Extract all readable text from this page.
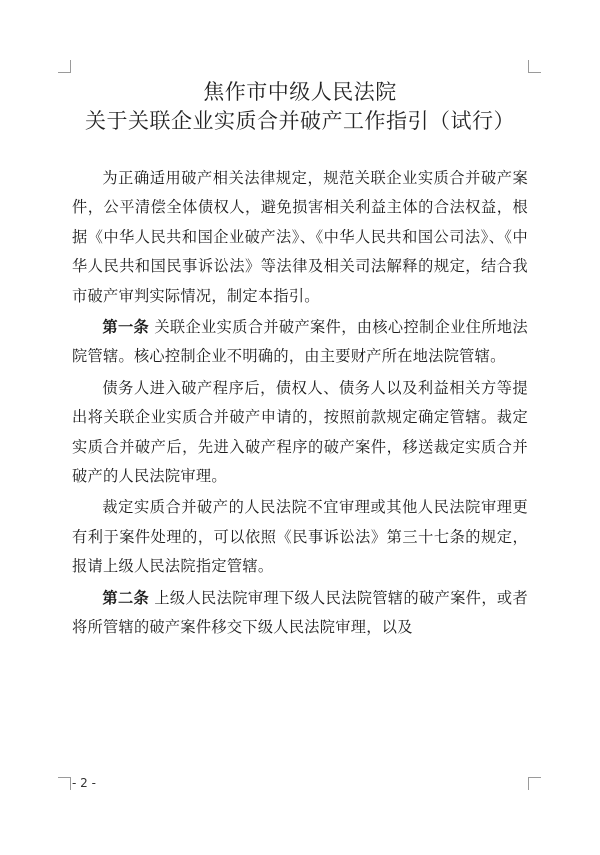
焦作市中级人民法院
关于关联企业实质合并破产工作指引（试行）

为正确适用破产相关法律规定，规范关联企业实质合并破产案件，公平清偿全体债权人，避免损害相关利益主体的合法权益，根据《中华人民共和国企业破产法》、《中华人民共和国公司法》、《中华人民共和国民事诉讼法》等法律及相关司法解释的规定，结合我市破产审判实际情况，制定本指引。

第一条 关联企业实质合并破产案件，由核心控制企业住所地法院管辖。核心控制企业不明确的，由主要财产所在地法院管辖。

债务人进入破产程序后，债权人、债务人以及利益相关方等提出将关联企业实质合并破产申请的，按照前款规定确定管辖。裁定实质合并破产后，先进入破产程序的破产案件，移送裁定实质合并破产的人民法院审理。

裁定实质合并破产的人民法院不宜审理或其他人民法院审理更有利于案件处理的，可以依照《民事诉讼法》第三十七条的规定，报请上级人民法院指定管辖。

第二条 上级人民法院审理下级人民法院管辖的破产案件，或者将所管辖的破产案件移交下级人民法院审理，以及

- 2 -
